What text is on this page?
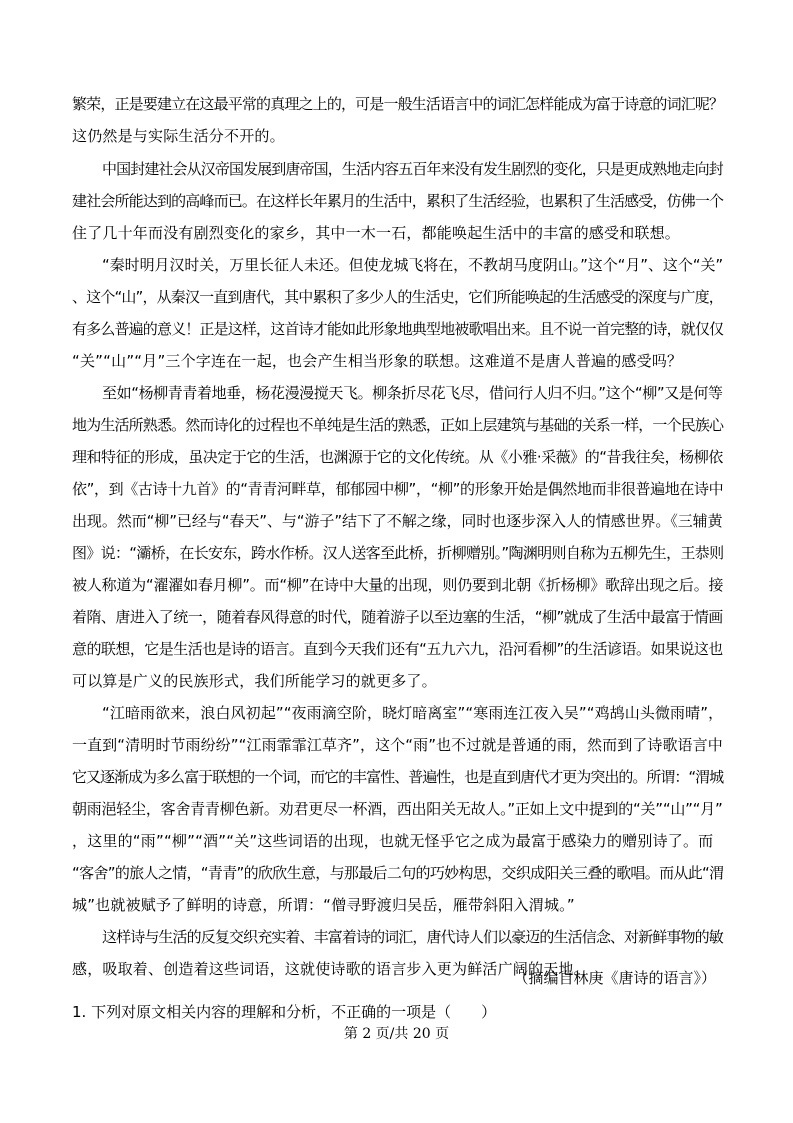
繁荣，正是要建立在这最平常的真理之上的，可是一般生活语言中的词汇怎样能成为富于诗意的词汇呢？
这仍然是与实际生活分不开的。
中国封建社会从汉帝国发展到唐帝国，生活内容五百年来没有发生剧烈的变化，只是更成熟地走向封
建社会所能达到的高峰而已。在这样长年累月的生活中，累积了生活经验，也累积了生活感受，仿佛一个
住了几十年而没有剧烈变化的家乡，其中一木一石，都能唤起生活中的丰富的感受和联想。
“秦时明月汉时关，万里长征人未还。但使龙城飞将在，不教胡马度阴山。”这个“月”、这个“关”
、这个“山”，从秦汉一直到唐代，其中累积了多少人的生活史，它们所能唤起的生活感受的深度与广度，
有多么普遍的意义！正是这样，这首诗才能如此形象地典型地被歌唱出来。且不说一首完整的诗，就仅仅
“关”“山”“月”三个字连在一起，也会产生相当形象的联想。这难道不是唐人普遍的感受吗？
至如“杨柳青青着地垂，杨花漫漫搅天飞。柳条折尽花飞尽，借问行人归不归。”这个“柳”又是何等
地为生活所熟悉。然而诗化的过程也不单纯是生活的熟悉，正如上层建筑与基础的关系一样，一个民族心
理和特征的形成，虽决定于它的生活，也渊源于它的文化传统。从《小雅·采薇》的“昔我往矣，杨柳依
依”，到《古诗十九首》的“青青河畔草，郁郁园中柳”，“柳”的形象开始是偶然地而非很普遍地在诗中
出现。然而“柳”已经与“春天”、与“游子”结下了不解之缘，同时也逐步深入人的情感世界。《三辅黄
图》说：“灞桥，在长安东，跨水作桥。汉人送客至此桥，折柳赠别。”陶渊明则自称为五柳先生，王恭则
被人称道为“濯濯如春月柳”。而“柳”在诗中大量的出现，则仍要到北朝《折杨柳》歌辞出现之后。接
着隋、唐进入了统一，随着春风得意的时代，随着游子以至边塞的生活，“柳”就成了生活中最富于情画
意的联想，它是生活也是诗的语言。直到今天我们还有“五九六九，沿河看柳”的生活谚语。如果说这也
可以算是广义的民族形式，我们所能学习的就更多了。
“江暗雨欲来，浪白风初起”“夜雨滴空阶，晓灯暗离室”“寒雨连江夜入吴”“鸡鸪山头微雨晴”，
一直到“清明时节雨纷纷”“江雨霏霏江草齐”，这个“雨”也不过就是普通的雨，然而到了诗歌语言中
它又逐渐成为多么富于联想的一个词，而它的丰富性、普遍性，也是直到唐代才更为突出的。所谓：“渭城
朝雨浥轻尘，客舍青青柳色新。劝君更尽一杯酒，西出阳关无故人。”正如上文中提到的“关”“山”“月”
，这里的“雨”“柳”“酒”“关”这些词语的出现，也就无怪乎它之成为最富于感染力的赠别诗了。而
“客舍”的旅人之情，“青青”的欣欣生意，与那最后二句的巧妙构思，交织成阳关三叠的歌唱。而从此“渭
城”也就被赋予了鲜明的诗意，所谓：“僧寻野渡归吴岳，雁带斜阳入渭城。”
这样诗与生活的反复交织充实着、丰富着诗的词汇，唐代诗人们以豪迈的生活信念、对新鲜事物的敏
感，吸取着、创造着这些词语，这就使诗歌的语言步入更为鲜活广阔的天地。
（摘编自林庚《唐诗的语言》）
1. 下列对原文相关内容的理解和分析，不正确的一项是（　　）
第 2 页/共 20 页
